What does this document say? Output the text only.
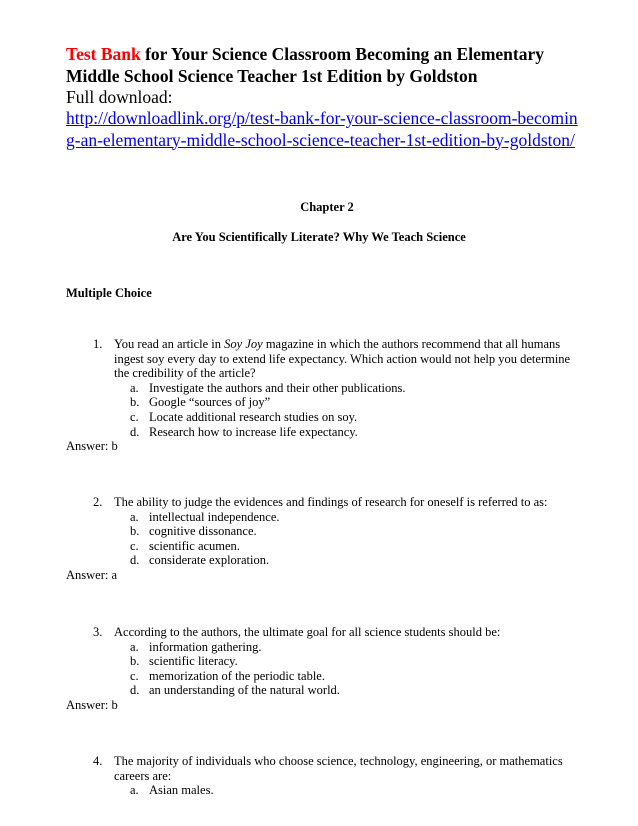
Test Bank for Your Science Classroom Becoming an Elementary Middle School Science Teacher 1st Edition by Goldston
Full download:
http://downloadlink.org/p/test-bank-for-your-science-classroom-becoming-an-elementary-middle-school-science-teacher-1st-edition-by-goldston/
Chapter 2
Are You Scientifically Literate? Why We Teach Science
Multiple Choice
1. You read an article in Soy Joy magazine in which the authors recommend that all humans ingest soy every day to extend life expectancy. Which action would not help you determine the credibility of the article?
a. Investigate the authors and their other publications.
b. Google “sources of joy”
c. Locate additional research studies on soy.
d. Research how to increase life expectancy.
Answer: b
2. The ability to judge the evidences and findings of research for oneself is referred to as:
a. intellectual independence.
b. cognitive dissonance.
c. scientific acumen.
d. considerate exploration.
Answer: a
3. According to the authors, the ultimate goal for all science students should be:
a. information gathering.
b. scientific literacy.
c. memorization of the periodic table.
d. an understanding of the natural world.
Answer: b
4. The majority of individuals who choose science, technology, engineering, or mathematics careers are:
a. Asian males.
